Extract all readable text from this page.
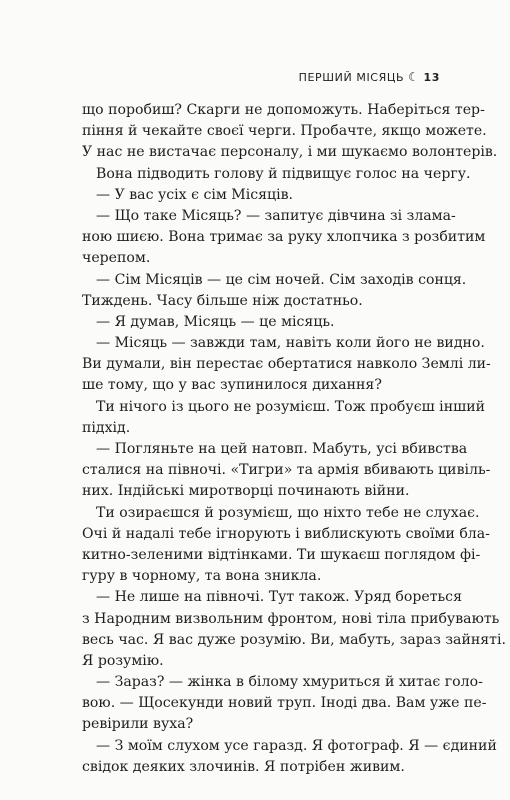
ПЕРШИЙ МІСЯЦЬ ☾ 13
що поробиш? Скарги не допоможуть. Наберіться тер-
піння й чекайте своєї черги. Пробачте, якщо можете.
У нас не вистачає персоналу, і ми шукаємо волонтерів.
Вона підводить голову й підвищує голос на чергу.
— У вас усіх є сім Місяців.
— Що таке Місяць? — запитує дівчина зі злама-
ною шиєю. Вона тримає за руку хлопчика з розбитим
черепом.
— Сім Місяців — це сім ночей. Сім заходів сонця.
Тиждень. Часу більше ніж достатньо.
— Я думав, Місяць — це місяць.
— Місяць — завжди там, навіть коли його не видно.
Ви думали, він перестає обертатися навколо Землі ли-
ше тому, що у вас зупинилося дихання?
Ти нічого із цього не розумієш. Тож пробуєш інший
підхід.
— Погляньте на цей натовп. Мабуть, усі вбивства
сталися на півночі. «Тигри» та армія вбивають цивіль-
них. Індійські миротворці починають війни.
Ти озираєшся й розумієш, що ніхто тебе не слухає.
Очі й надалі тебе ігнорують і виблискують своїми бла-
китно-зеленими відтінками. Ти шукаєш поглядом фі-
гуру в чорному, та вона зникла.
— Не лише на півночі. Тут також. Уряд бореться
з Народним визвольним фронтом, нові тіла прибувають
весь час. Я вас дуже розумію. Ви, мабуть, зараз зайняті.
Я розумію.
— Зараз? — жінка в білому хмуриться й хитає голо-
вою. — Щосекунди новий труп. Іноді два. Вам уже пе-
ревірили вуха?
— З моїм слухом усе гаразд. Я фотограф. Я — єдиний
свідок деяких злочинів. Я потрібен живим.
